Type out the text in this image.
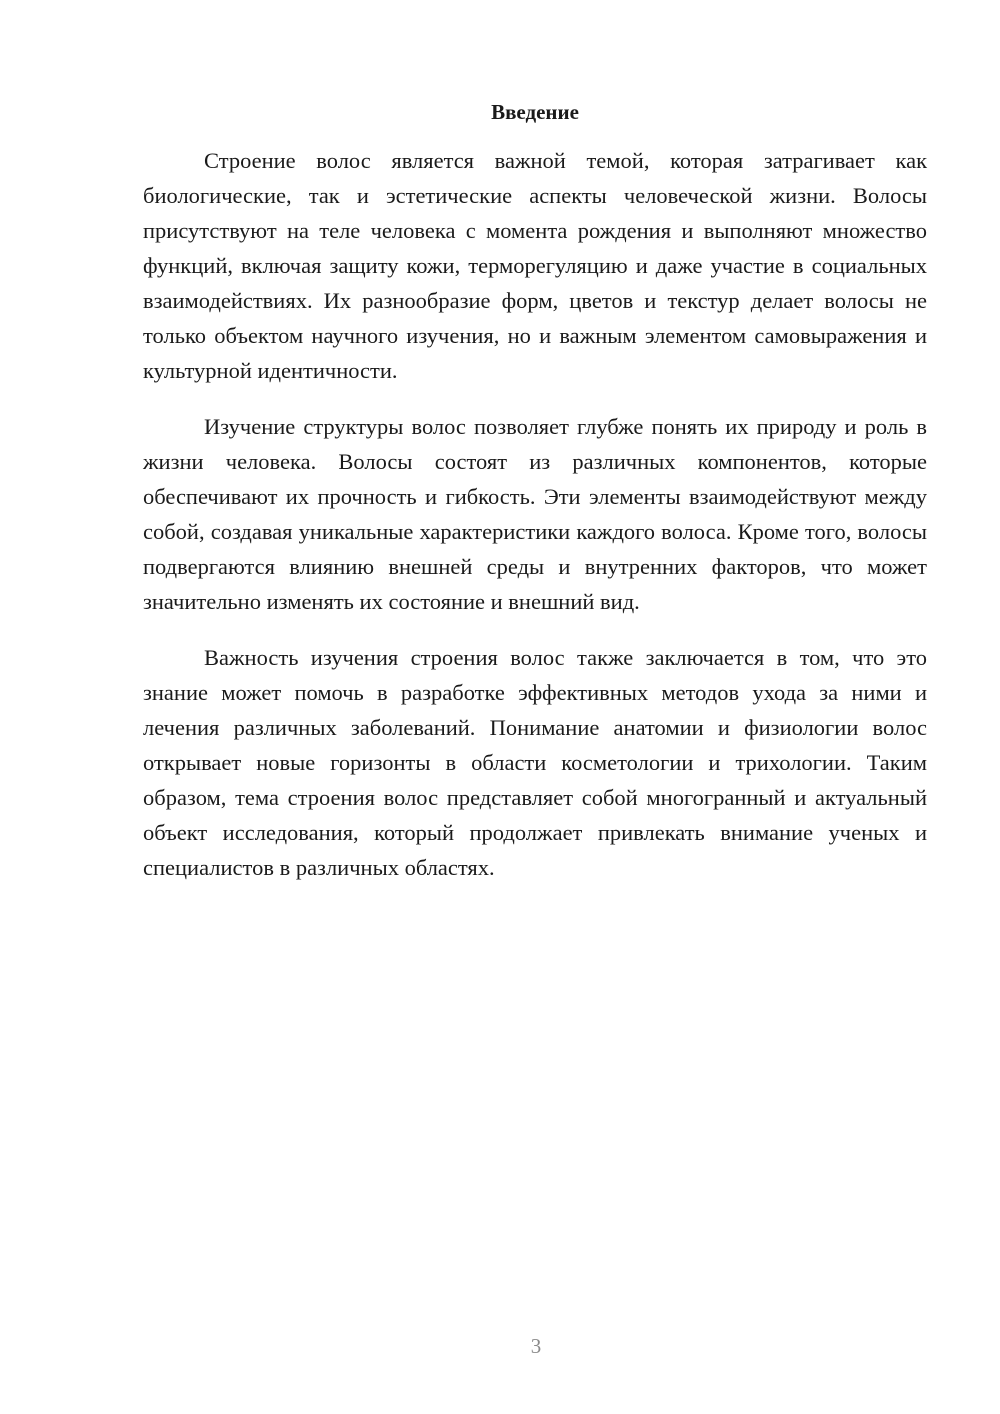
Введение

Строение волос является важной темой, которая затрагивает как биологические, так и эстетические аспекты человеческой жизни. Волосы присутствуют на теле человека с момента рождения и выполняют множество функций, включая защиту кожи, терморегуляцию и даже участие в социальных взаимодействиях. Их разнообразие форм, цветов и текстур делает волосы не только объектом научного изучения, но и важным элементом самовыражения и культурной идентичности.

Изучение структуры волос позволяет глубже понять их природу и роль в жизни человека. Волосы состоят из различных компонентов, которые обеспечивают их прочность и гибкость. Эти элементы взаимодействуют между собой, создавая уникальные характеристики каждого волоса. Кроме того, волосы подвергаются влиянию внешней среды и внутренних факторов, что может значительно изменять их состояние и внешний вид.

Важность изучения строения волос также заключается в том, что это знание может помочь в разработке эффективных методов ухода за ними и лечения различных заболеваний. Понимание анатомии и физиологии волос открывает новые горизонты в области косметологии и трихологии. Таким образом, тема строения волос представляет собой многогранный и актуальный объект исследования, который продолжает привлекать внимание ученых и специалистов в различных областях.

3
